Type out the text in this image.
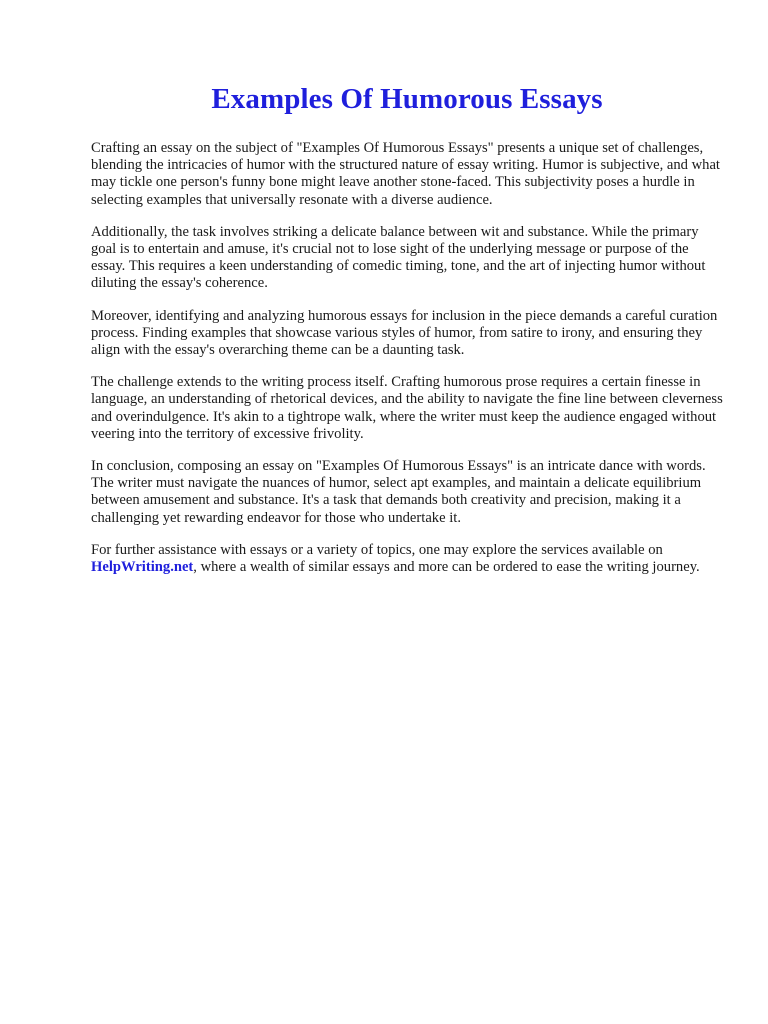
Examples Of Humorous Essays

Crafting an essay on the subject of "Examples Of Humorous Essays" presents a unique set of challenges, blending the intricacies of humor with the structured nature of essay writing. Humor is subjective, and what may tickle one person's funny bone might leave another stone-faced. This subjectivity poses a hurdle in selecting examples that universally resonate with a diverse audience.

Additionally, the task involves striking a delicate balance between wit and substance. While the primary goal is to entertain and amuse, it's crucial not to lose sight of the underlying message or purpose of the essay. This requires a keen understanding of comedic timing, tone, and the art of injecting humor without diluting the essay's coherence.

Moreover, identifying and analyzing humorous essays for inclusion in the piece demands a careful curation process. Finding examples that showcase various styles of humor, from satire to irony, and ensuring they align with the essay's overarching theme can be a daunting task.

The challenge extends to the writing process itself. Crafting humorous prose requires a certain finesse in language, an understanding of rhetorical devices, and the ability to navigate the fine line between cleverness and overindulgence. It's akin to a tightrope walk, where the writer must keep the audience engaged without veering into the territory of excessive frivolity.

In conclusion, composing an essay on "Examples Of Humorous Essays" is an intricate dance with words. The writer must navigate the nuances of humor, select apt examples, and maintain a delicate equilibrium between amusement and substance. It's a task that demands both creativity and precision, making it a challenging yet rewarding endeavor for those who undertake it.

For further assistance with essays or a variety of topics, one may explore the services available on HelpWriting.net, where a wealth of similar essays and more can be ordered to ease the writing journey.
